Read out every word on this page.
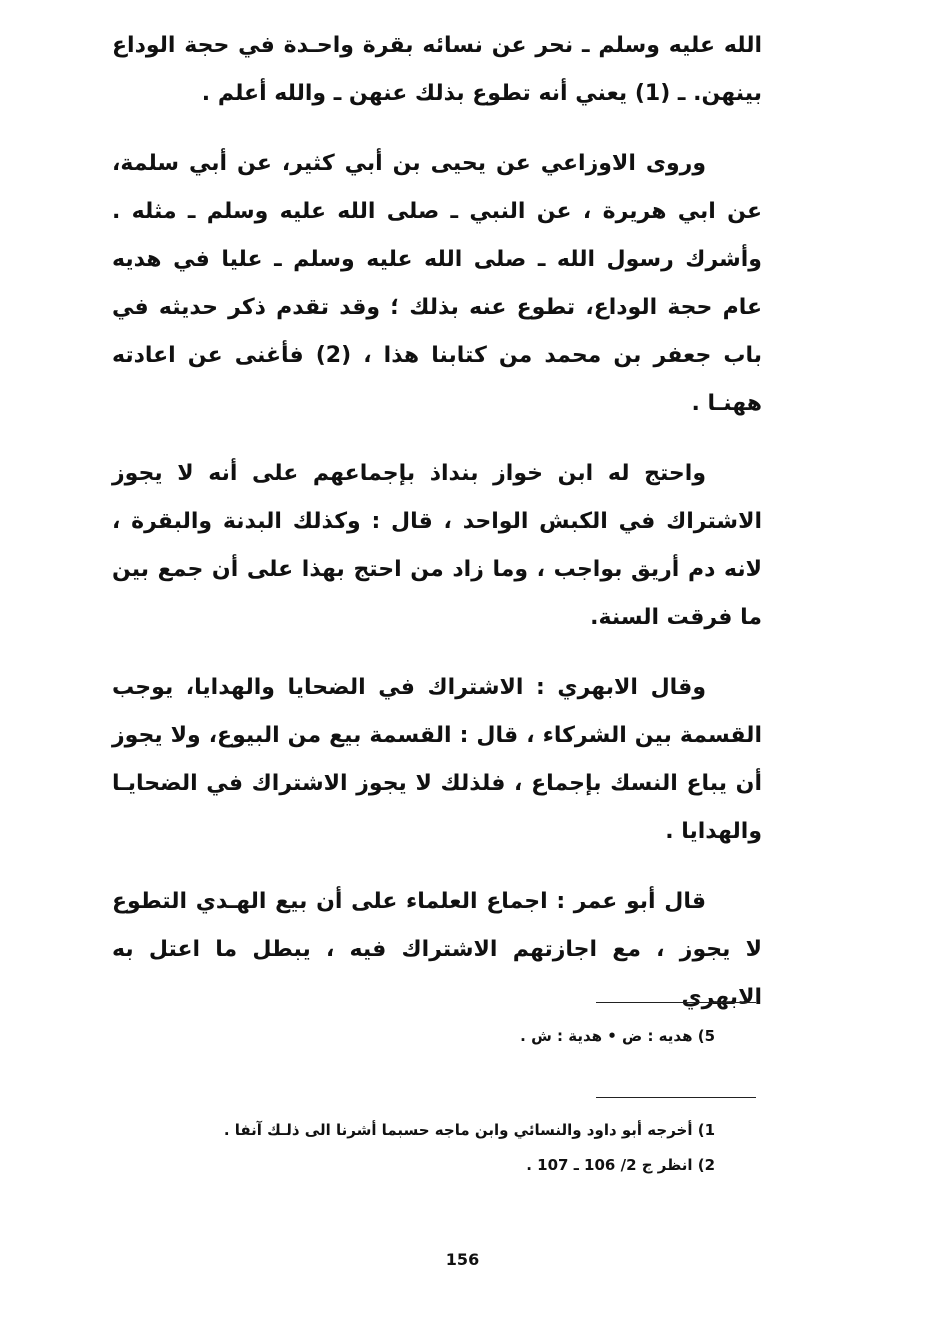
الله عليه وسلم ـ نحر عن نسائه بقرة واحـدة في حجة الوداع بينهن. ـ (1) يعني أنه تطوع بذلك عنهن ـ والله أعلم .

وروى الاوزاعي عن يحيى بن أبي كثير، عن أبي سلمة، عن ابي هريرة ، عن النبي ـ صلى الله عليه وسلم ـ مثله . وأشرك رسول الله ـ صلى الله عليه وسلم ـ عليا في هديه عام حجة الوداع، تطوع عنه بذلك ؛ وقد تقدم ذكر حديثه في باب جعفر بن محمد من كتابنا هذا ، (2) فأغنى عن اعادته ههنـا .

واحتج له ابن خواز بنداذ بإجماعهم على أنه لا يجوز الاشتراك في الكبش الواحد ، قال : وكذلك البدنة والبقرة ، لانه دم أريق بواجب ، وما زاد من احتج بهذا على أن جمع بين ما فرقت السنة.

وقال الابهري : الاشتراك في الضحايا والهدايا، يوجب القسمة بين الشركاء ، قال : القسمة بيع من البيوع، ولا يجوز أن يباع النسك بإجماع ، فلذلك لا يجوز الاشتراك في الضحايـا والهدايا .

قال أبو عمر : اجماع العلماء على أن بيع الهـدي التطوع لا يجوز ، مع اجازتهم الاشتراك فيه ، يبطل ما اعتل به الابهري

5) هديه : ض • هدية : ش .
1) أخرجه أبو داود والنسائي وابن ماجه حسبما أشرنا الى ذلـك آنفا .
2) انظر ج 2/ 106 ـ 107 .
156
